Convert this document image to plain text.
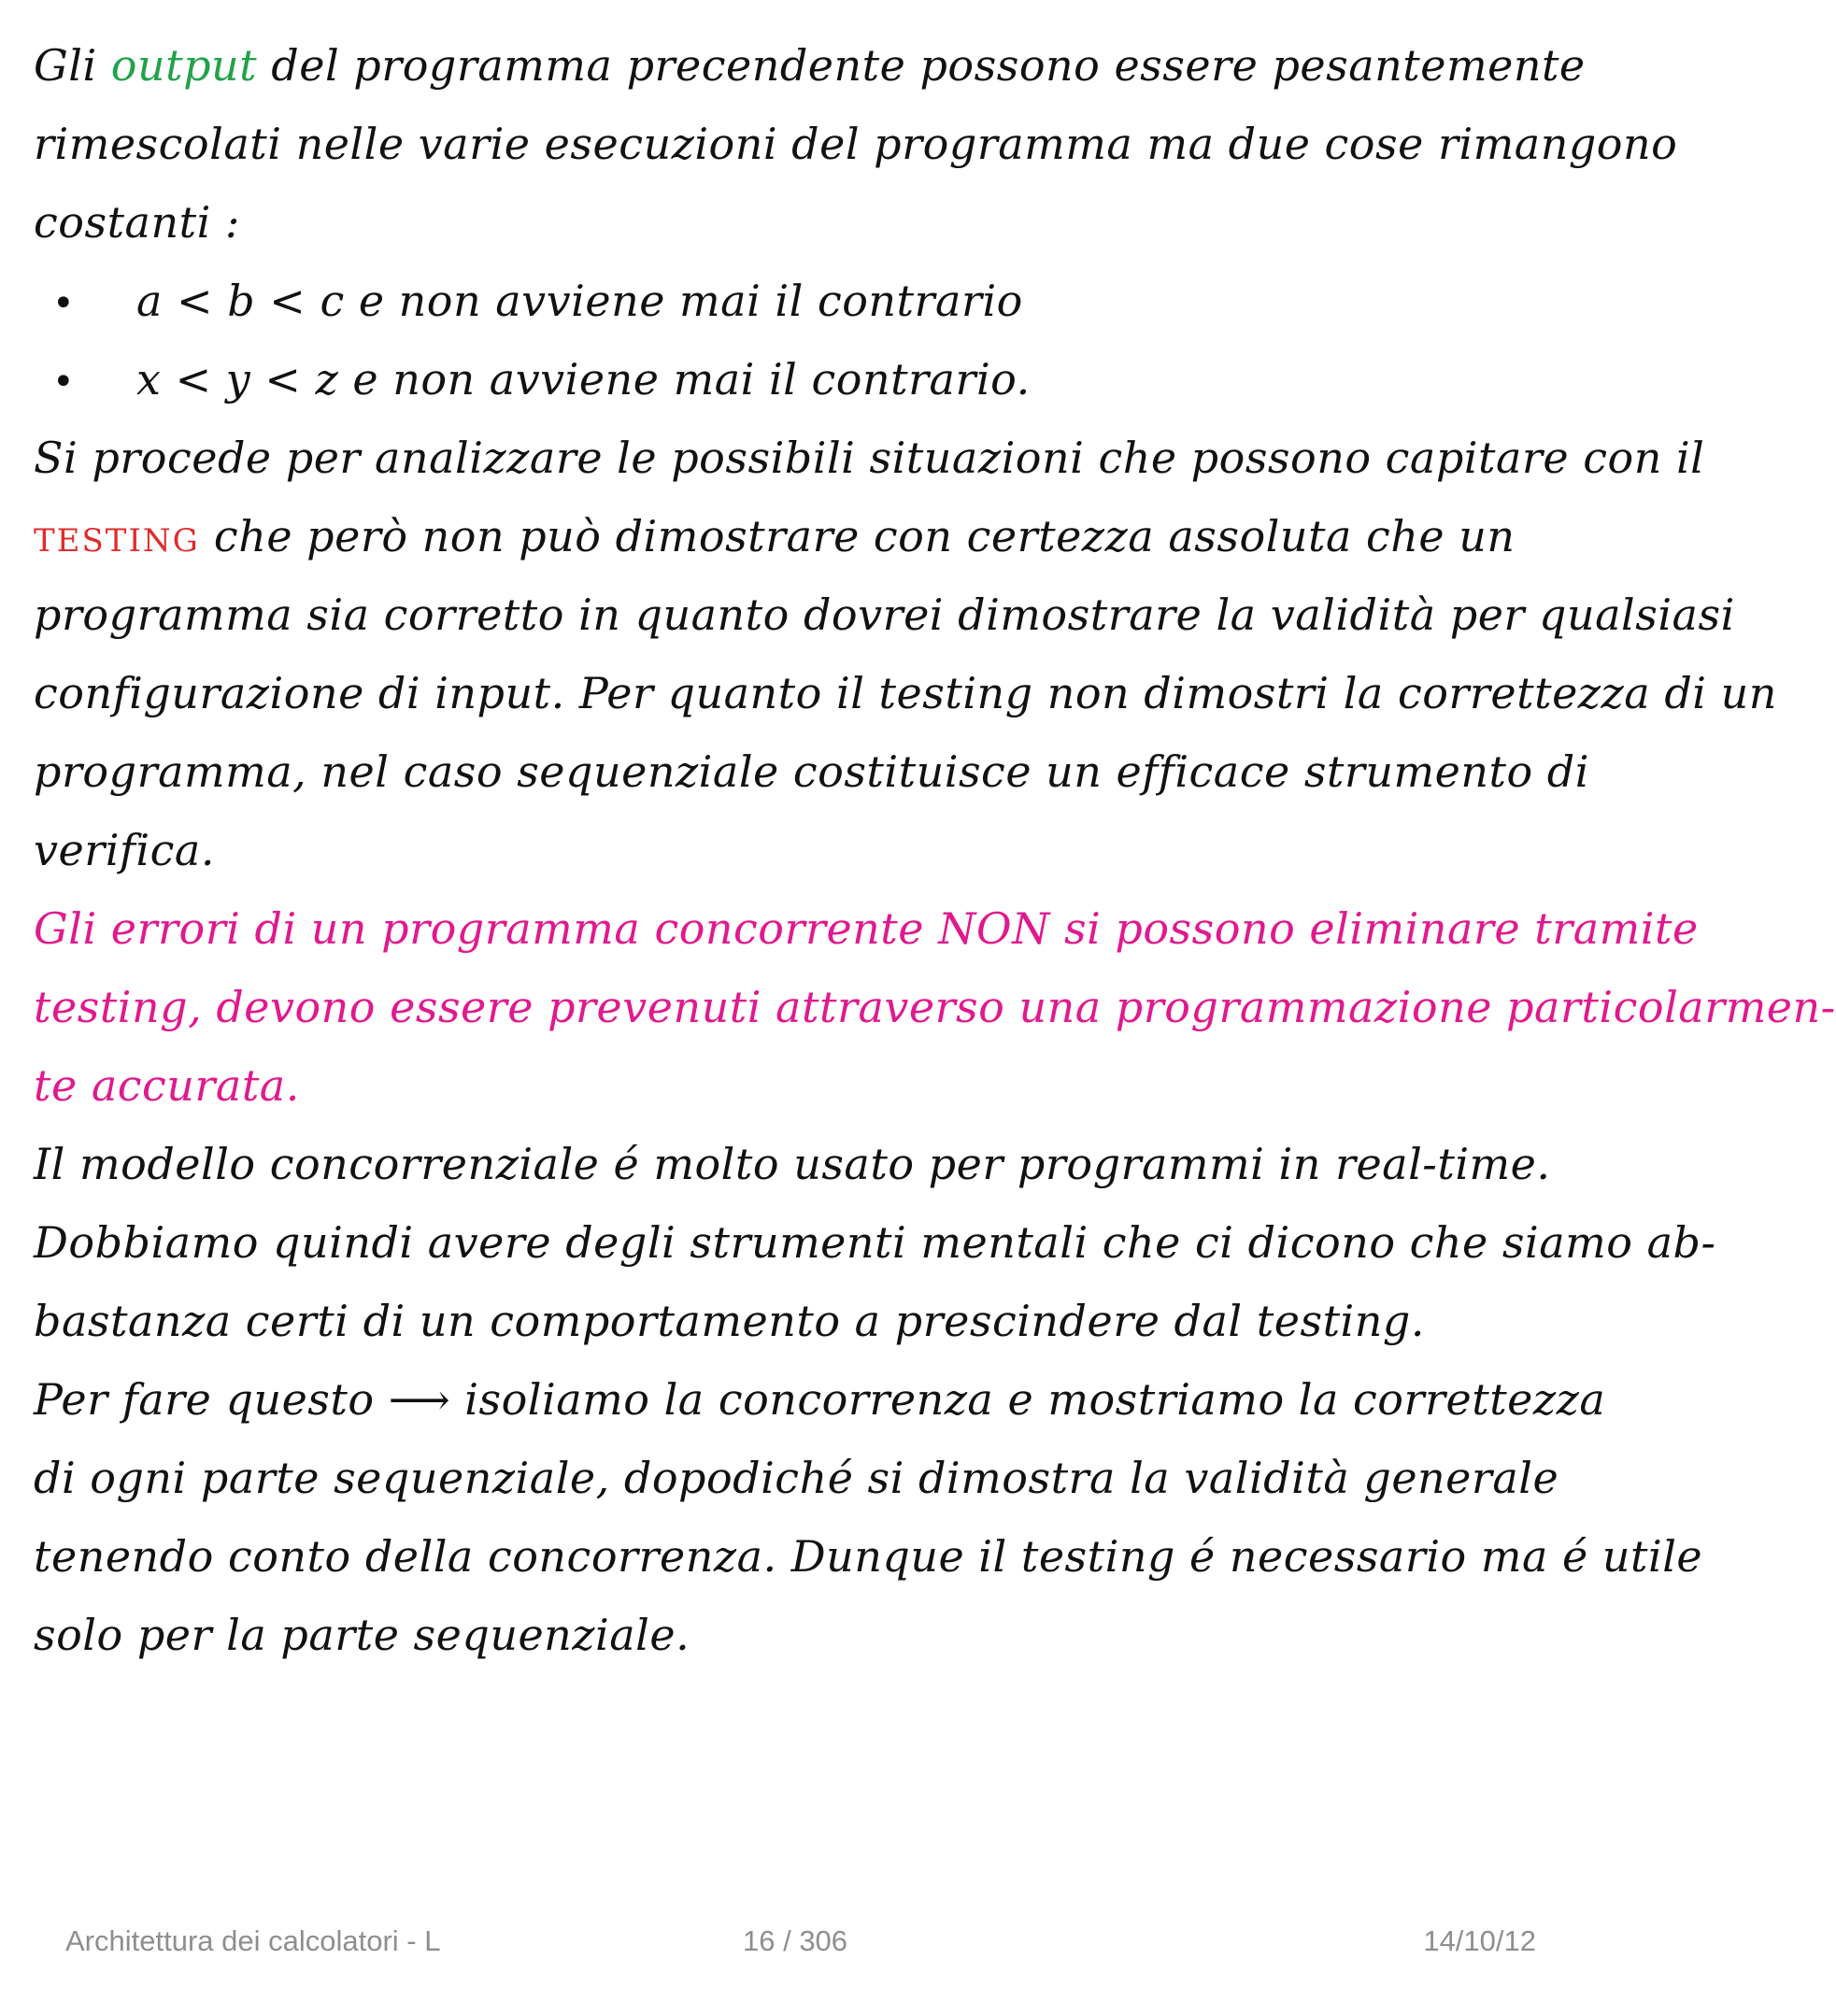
Gli output del programma precendente possono essere pesantemente
rimescolati nelle varie esecuzioni del programma ma due cose rimangono
costanti :
• a < b < c e non avviene mai il contrario
• x < y < z e non avviene mai il contrario.
Si procede per analizzare le possibili situazioni che possono capitare con il
TESTING che però non può dimostrare con certezza assoluta che un
programma sia corretto in quanto dovrei dimostrare la validità per qualsiasi
configurazione di input. Per quanto il testing non dimostri la correttezza di un
programma, nel caso sequenziale costituisce un efficace strumento di
verifica.
Gli errori di un programma concorrente NON si possono eliminare tramite
testing, devono essere prevenuti attraverso una programmazione particolarmen-
te accurata.
Il modello concorrenziale é molto usato per programmi in real-time.
Dobbiamo quindi avere degli strumenti mentali che ci dicono che siamo ab-
bastanza certi di un comportamento a prescindere dal testing.
Per fare questo ⟶ isoliamo la concorrenza e mostriamo la correttezza
di ogni parte sequenziale, dopodiché si dimostra la validità generale
tenendo conto della concorrenza. Dunque il testing é necessario ma é utile
solo per la parte sequenziale.
Architettura dei calcolatori - L	16 / 306	14/10/12
